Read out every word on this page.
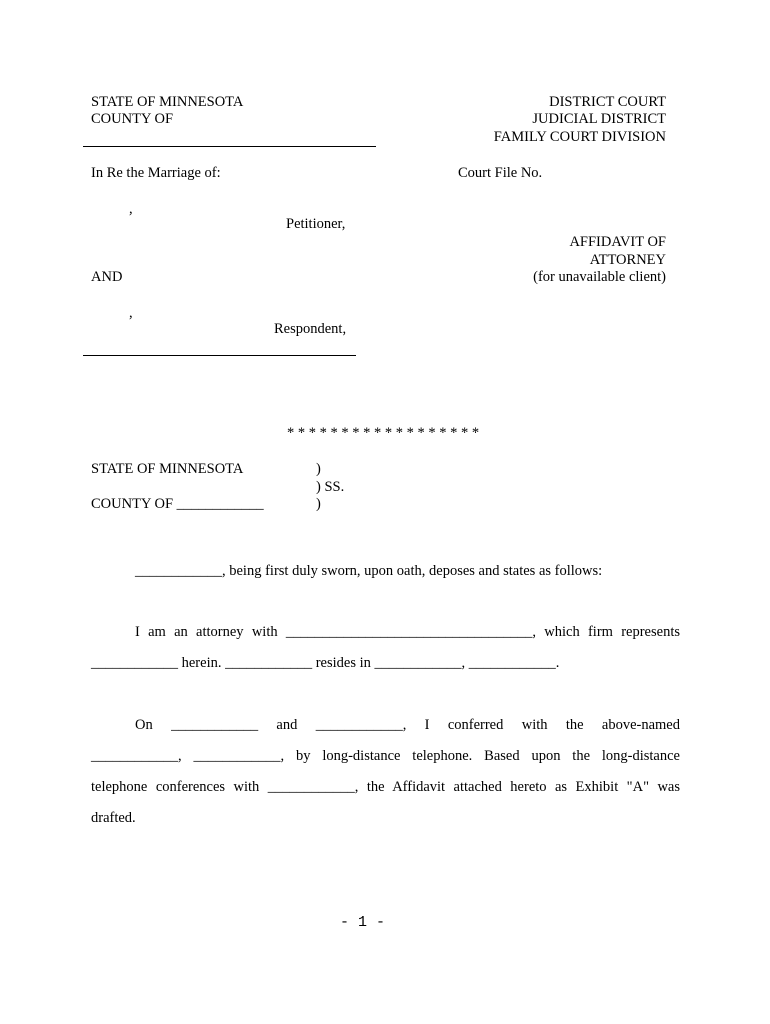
STATE OF MINNESOTA
COUNTY OF
DISTRICT COURT
JUDICIAL DISTRICT
FAMILY COURT DIVISION
In Re the Marriage of:	Court File No.
,
Petitioner,
AFFIDAVIT OF
ATTORNEY
(for unavailable client)
AND
,
Respondent,
* * * * * * * * * * * * * * * * * *
STATE OF MINNESOTA	)
) SS.
COUNTY OF ____________	)
____________, being first duly sworn, upon oath, deposes and states as follows:
I am an attorney with __________________________________, which firm represents
____________ herein. ____________ resides in ____________, ____________.
On ____________ and ____________, I conferred with the above-named
____________, ____________, by long-distance telephone. Based upon the long-distance
telephone conferences with ____________, the Affidavit attached hereto as Exhibit "A" was
drafted.
- 1 -
